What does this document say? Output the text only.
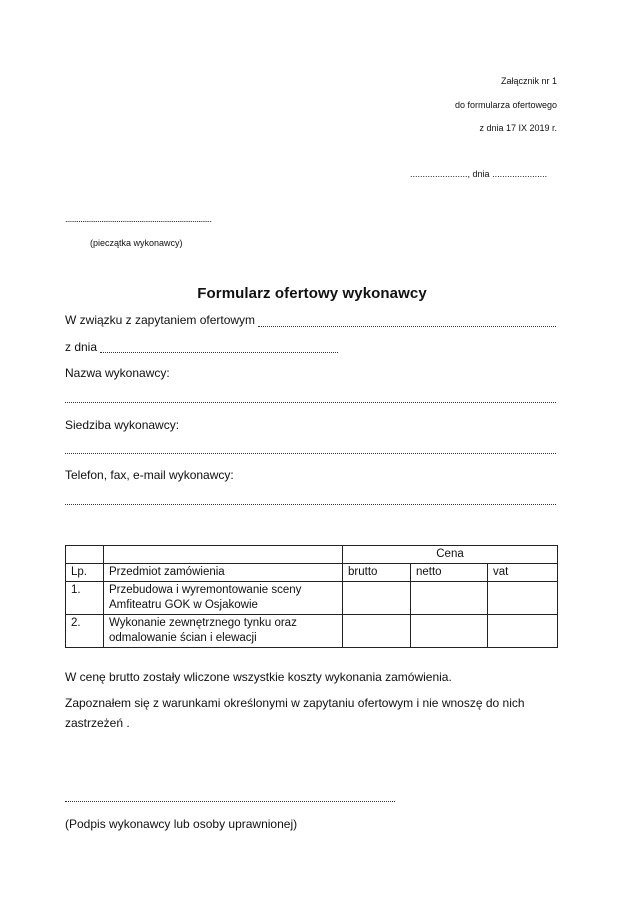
Załącznik nr 1
do formularza ofertowego
z dnia 17 IX 2019 r.
......................., dnia ......................
.............................................................................
(pieczątka wykonawcy)
Formularz ofertowy wykonawcy
W związku z zapytaniem ofertowym
z dnia
Nazwa wykonawcy:
Siedziba wykonawcy:
Telefon, fax, e-mail wykonawcy:
		Cena		
Lp.	Przedmiot zamówienia	brutto	netto	vat
1.	Przebudowa i wyremontowanie sceny
Amfiteatru GOK w Osjakowie			

2.	Wykonanie zewnętrznego tynku oraz
odmalowanie ścian i elewacji			

W cenę brutto zostały wliczone wszystkie koszty wykonania zamówienia.
Zapoznałem się z warunkami określonymi w zapytaniu ofertowym i nie wnoszę do nich
zastrzeżeń .
(Podpis wykonawcy lub osoby uprawnionej)
